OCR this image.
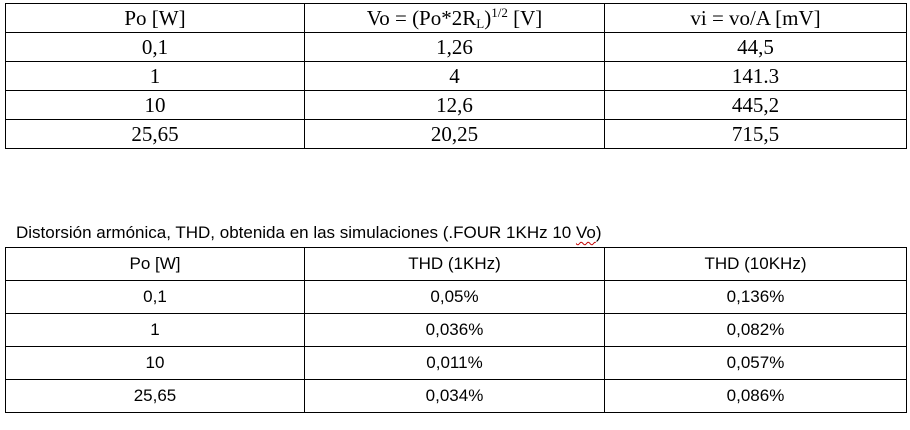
Po [W]	$Vo = (Po*2R_L)^{1/2}$ [V]	vi = vo/A [mV]
0,1	1,26	44,5
1	4	141.3
10	12,6	445,2
25,65	20,25	715,5
Distorsión armónica, THD, obtenida en las simulaciones (.FOUR 1KHz 10 Vo)
Po [W]	THD (1KHz)	THD (10KHz)
0,1	0,05%	0,136%
1	0,036%	0,082%
10	0,011%	0,057%
25,65	0,034%	0,086%
